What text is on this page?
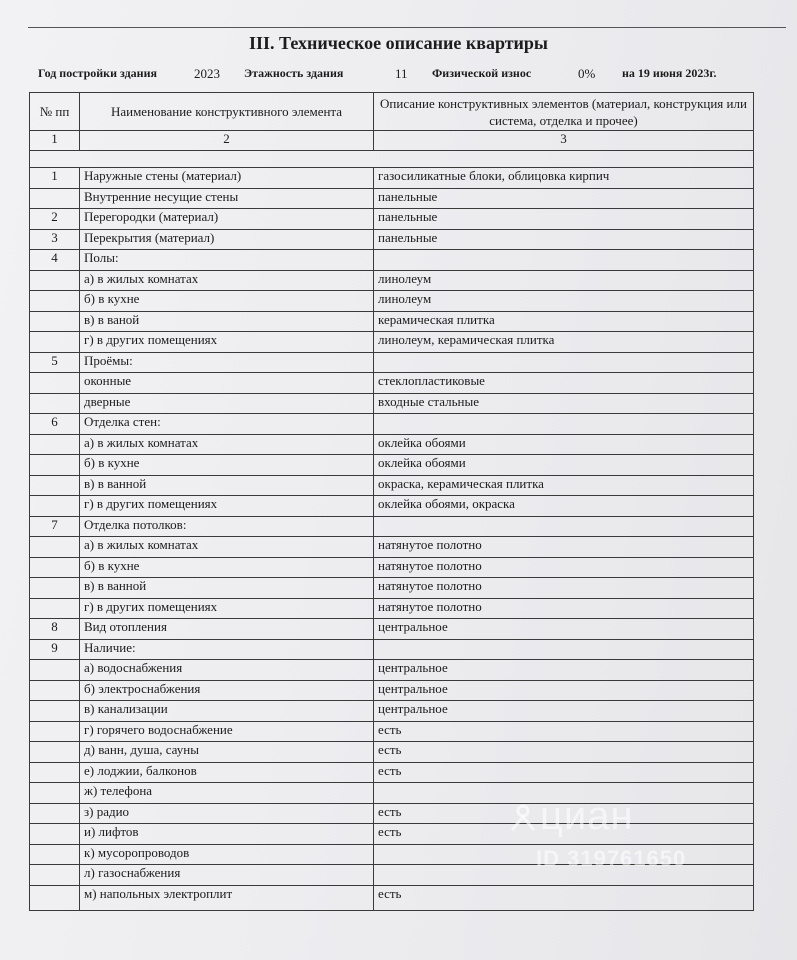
III. Техническое описание квартиры
Год постройки здания	2023 Этажность здания	11 Физической износ	0% на 19 июня 2023г.
№ пп	Наименование конструктивного элемента	Описание конструктивных элементов (материал, конструкция или система, отделка и прочее)
1	2	3

1	Наружные стены (материал)	газосиликатные блоки, облицовка кирпич
	Внутренние несущие стены	панельные
2	Перегородки (материал)	панельные
3	Перекрытия (материал)	панельные
4	Полы:	
	а) в жилых комнатах	линолеум
	б) в кухне	линолеум
	в) в ваной	керамическая плитка
	г) в других помещениях	линолеум, керамическая плитка
5	Проёмы:	
	оконные	стеклопластиковые
	дверные	входные стальные
6	Отделка стен:	
	а) в жилых комнатах	оклейка обоями
	б) в кухне	оклейка обоями
	в) в ванной	окраска, керамическая плитка
	г) в других помещениях	оклейка обоями, окраска
7	Отделка потолков:	
	а) в жилых комнатах	натянутое полотно
	б) в кухне	натянутое полотно
	в) в ванной	натянутое полотно
	г) в других помещениях	натянутое полотно
8	Вид отопления	центральное
9	Наличие:	
	а) водоснабжения	центральное
	б) электроснабжения	центральное
	в) канализации	центральное
	г) горячего водоснабжение	есть
	д) ванн, душа, сауны	есть
	е) лоджии, балконов	есть
	ж) телефона	
	з) радио	есть
	и) лифтов	есть
	к) мусоропроводов	
	л) газоснабжения	
	м) напольных электроплит	есть
циан
ID 319761650
